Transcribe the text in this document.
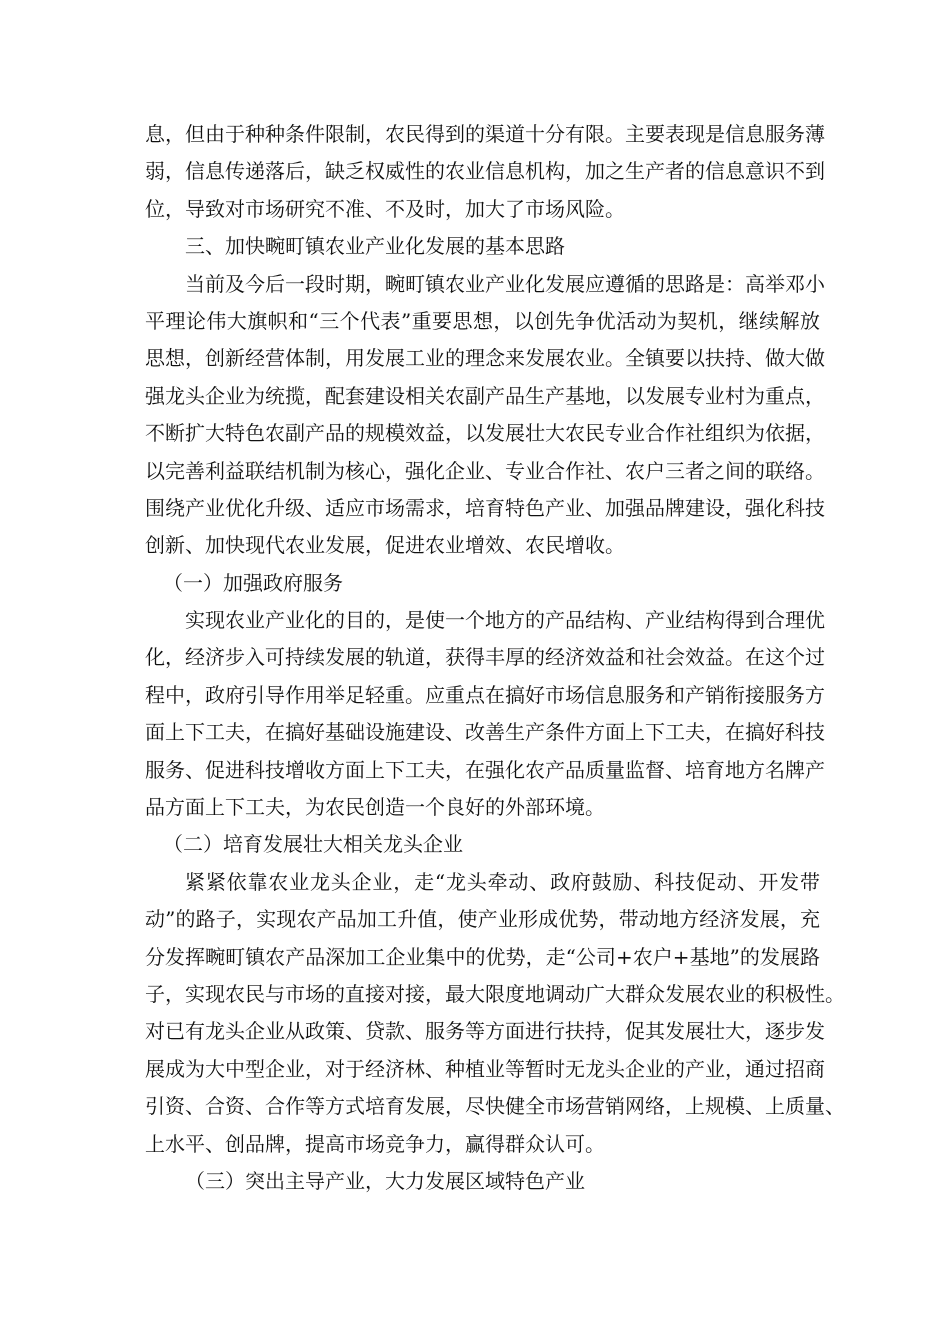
息，但由于种种条件限制，农民得到的渠道十分有限。主要表现是信息服务薄
弱，信息传递落后，缺乏权威性的农业信息机构，加之生产者的信息意识不到
位，导致对市场研究不准、不及时，加大了市场风险。
三、加快畹町镇农业产业化发展的基本思路
当前及今后一段时期，畹町镇农业产业化发展应遵循的思路是：高举邓小
平理论伟大旗帜和“三个代表”重要思想，以创先争优活动为契机，继续解放
思想，创新经营体制，用发展工业的理念来发展农业。全镇要以扶持、做大做
强龙头企业为统揽，配套建设相关农副产品生产基地，以发展专业村为重点，
不断扩大特色农副产品的规模效益，以发展壮大农民专业合作社组织为依据，
以完善利益联结机制为核心，强化企业、专业合作社、农户三者之间的联络。
围绕产业优化升级、适应市场需求，培育特色产业、加强品牌建设，强化科技
创新、加快现代农业发展，促进农业增效、农民增收。
（一）加强政府服务
实现农业产业化的目的，是使一个地方的产品结构、产业结构得到合理优
化，经济步入可持续发展的轨道，获得丰厚的经济效益和社会效益。在这个过
程中，政府引导作用举足轻重。应重点在搞好市场信息服务和产销衔接服务方
面上下工夫，在搞好基础设施建设、改善生产条件方面上下工夫，在搞好科技
服务、促进科技增收方面上下工夫，在强化农产品质量监督、培育地方名牌产
品方面上下工夫，为农民创造一个良好的外部环境。
（二）培育发展壮大相关龙头企业
紧紧依靠农业龙头企业，走“龙头牵动、政府鼓励、科技促动、开发带
动”的路子，实现农产品加工升值，使产业形成优势，带动地方经济发展，充
分发挥畹町镇农产品深加工企业集中的优势，走“公司+农户+基地”的发展路
子，实现农民与市场的直接对接，最大限度地调动广大群众发展农业的积极性。
对已有龙头企业从政策、贷款、服务等方面进行扶持，促其发展壮大，逐步发
展成为大中型企业，对于经济林、种植业等暂时无龙头企业的产业，通过招商
引资、合资、合作等方式培育发展，尽快健全市场营销网络，上规模、上质量、
上水平、创品牌，提高市场竞争力，赢得群众认可。
（三）突出主导产业，大力发展区域特色产业
